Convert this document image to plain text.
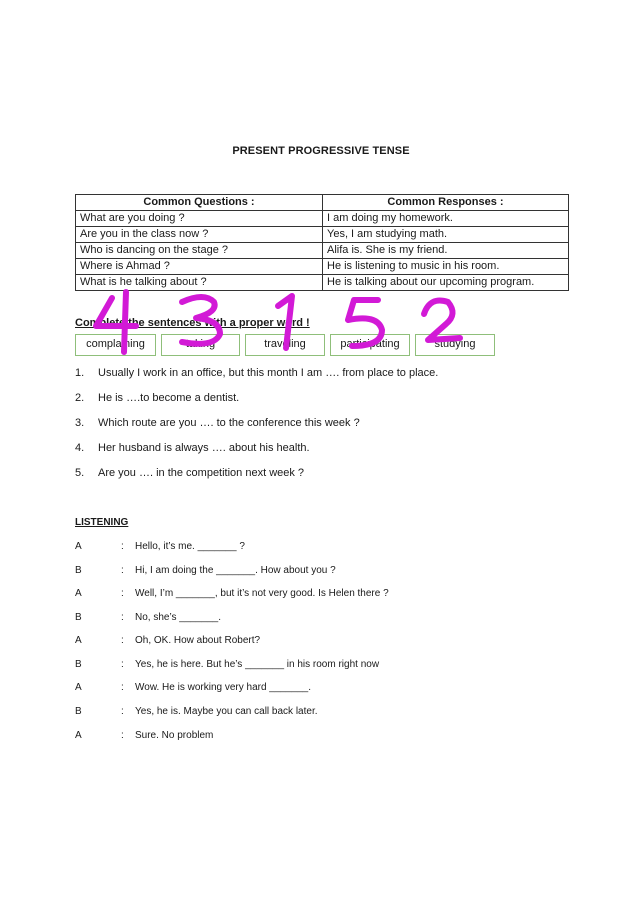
PRESENT PROGRESSIVE TENSE
Common Questions :	Common Responses :
What are you doing ?	I am doing my homework.
Are you in the class now ?	Yes, I am studying math.
Who is dancing on the stage ?	Alifa is. She is my friend.
Where is Ahmad ?	He is listening to music in his room.
What is he talking about ?	He is talking about our upcoming program.
Complete the sentences with a proper word !
complaining	taking	traveling	participating	studying
1.	Usually I work in an office, but this month I am …. from place to place.
2.	He is ….to become a dentist.
3.	Which route are you …. to the conference this week ?
4.	Her husband is always …. about his health.
5.	Are you …. in the competition next week ?
LISTENING
A	: Hello, it’s me. _______ ?
B	: Hi, I am doing the _______. How about you ?
A	: Well, I’m _______, but it’s not very good. Is Helen there ?
B	: No, she’s _______.
A	: Oh, OK. How about Robert?
B	: Yes, he is here. But he’s _______ in his room right now
A	: Wow. He is working very hard _______.
B	: Yes, he is. Maybe you can call back later.
A	: Sure. No problem
